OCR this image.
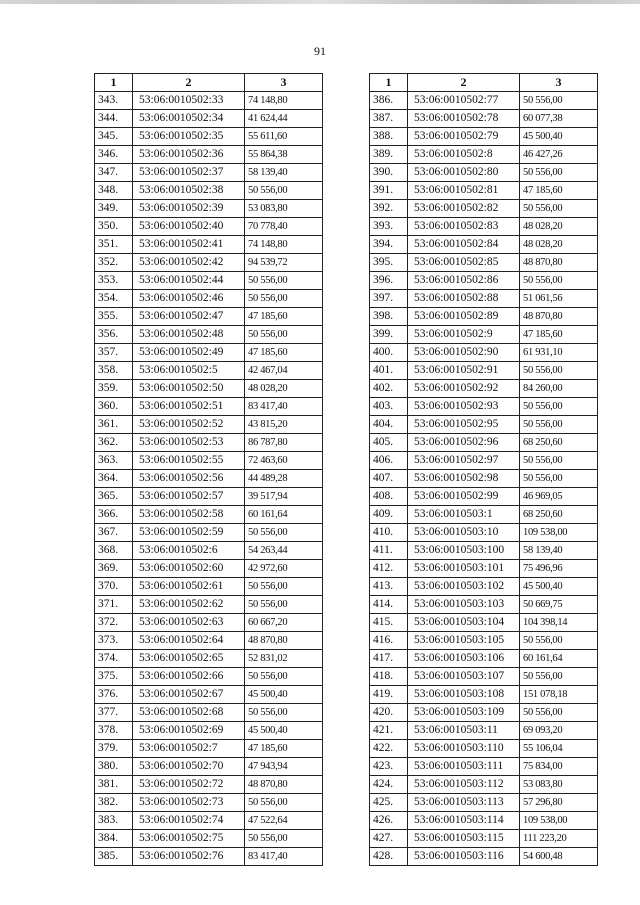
91
1	2	3
343.	53:06:0010502:33	74 148,80
344.	53:06:0010502:34	41 624,44
345.	53:06:0010502:35	55 611,60
346.	53:06:0010502:36	55 864,38
347.	53:06:0010502:37	58 139,40
348.	53:06:0010502:38	50 556,00
349.	53:06:0010502:39	53 083,80
350.	53:06:0010502:40	70 778,40
351.	53:06:0010502:41	74 148,80
352.	53:06:0010502:42	94 539,72
353.	53:06:0010502:44	50 556,00
354.	53:06:0010502:46	50 556,00
355.	53:06:0010502:47	47 185,60
356.	53:06:0010502:48	50 556,00
357.	53:06:0010502:49	47 185,60
358.	53:06:0010502:5	42 467,04
359.	53:06:0010502:50	48 028,20
360.	53:06:0010502:51	83 417,40
361.	53:06:0010502:52	43 815,20
362.	53:06:0010502:53	86 787,80
363.	53:06:0010502:55	72 463,60
364.	53:06:0010502:56	44 489,28
365.	53:06:0010502:57	39 517,94
366.	53:06:0010502:58	60 161,64
367.	53:06:0010502:59	50 556,00
368.	53:06:0010502:6	54 263,44
369.	53:06:0010502:60	42 972,60
370.	53:06:0010502:61	50 556,00
371.	53:06:0010502:62	50 556,00
372.	53:06:0010502:63	60 667,20
373.	53:06:0010502:64	48 870,80
374.	53:06:0010502:65	52 831,02
375.	53:06:0010502:66	50 556,00
376.	53:06:0010502:67	45 500,40
377.	53:06:0010502:68	50 556,00
378.	53:06:0010502:69	45 500,40
379.	53:06:0010502:7	47 185,60
380.	53:06:0010502:70	47 943,94
381.	53:06:0010502:72	48 870,80
382.	53:06:0010502:73	50 556,00
383.	53:06:0010502:74	47 522,64
384.	53:06:0010502:75	50 556,00
385.	53:06:0010502:76	83 417,40
1	2	3
386.	53:06:0010502:77	50 556,00
387.	53:06:0010502:78	60 077,38
388.	53:06:0010502:79	45 500,40
389.	53:06:0010502:8	46 427,26
390.	53:06:0010502:80	50 556,00
391.	53:06:0010502:81	47 185,60
392.	53:06:0010502:82	50 556,00
393.	53:06:0010502:83	48 028,20
394.	53:06:0010502:84	48 028,20
395.	53:06:0010502:85	48 870,80
396.	53:06:0010502:86	50 556,00
397.	53:06:0010502:88	51 061,56
398.	53:06:0010502:89	48 870,80
399.	53:06:0010502:9	47 185,60
400.	53:06:0010502:90	61 931,10
401.	53:06:0010502:91	50 556,00
402.	53:06:0010502:92	84 260,00
403.	53:06:0010502:93	50 556,00
404.	53:06:0010502:95	50 556,00
405.	53:06:0010502:96	68 250,60
406.	53:06:0010502:97	50 556,00
407.	53:06:0010502:98	50 556,00
408.	53:06:0010502:99	46 969,05
409.	53:06:0010503:1	68 250,60
410.	53:06:0010503:10	109 538,00
411.	53:06:0010503:100	58 139,40
412.	53:06:0010503:101	75 496,96
413.	53:06:0010503:102	45 500,40
414.	53:06:0010503:103	50 669,75
415.	53:06:0010503:104	104 398,14
416.	53:06:0010503:105	50 556,00
417.	53:06:0010503:106	60 161,64
418.	53:06:0010503:107	50 556,00
419.	53:06:0010503:108	151 078,18
420.	53:06:0010503:109	50 556,00
421.	53:06:0010503:11	69 093,20
422.	53:06:0010503:110	55 106,04
423.	53:06:0010503:111	75 834,00
424.	53:06:0010503:112	53 083,80
425.	53:06:0010503:113	57 296,80
426.	53:06:0010503:114	109 538,00
427.	53:06:0010503:115	111 223,20
428.	53:06:0010503:116	54 600,48
